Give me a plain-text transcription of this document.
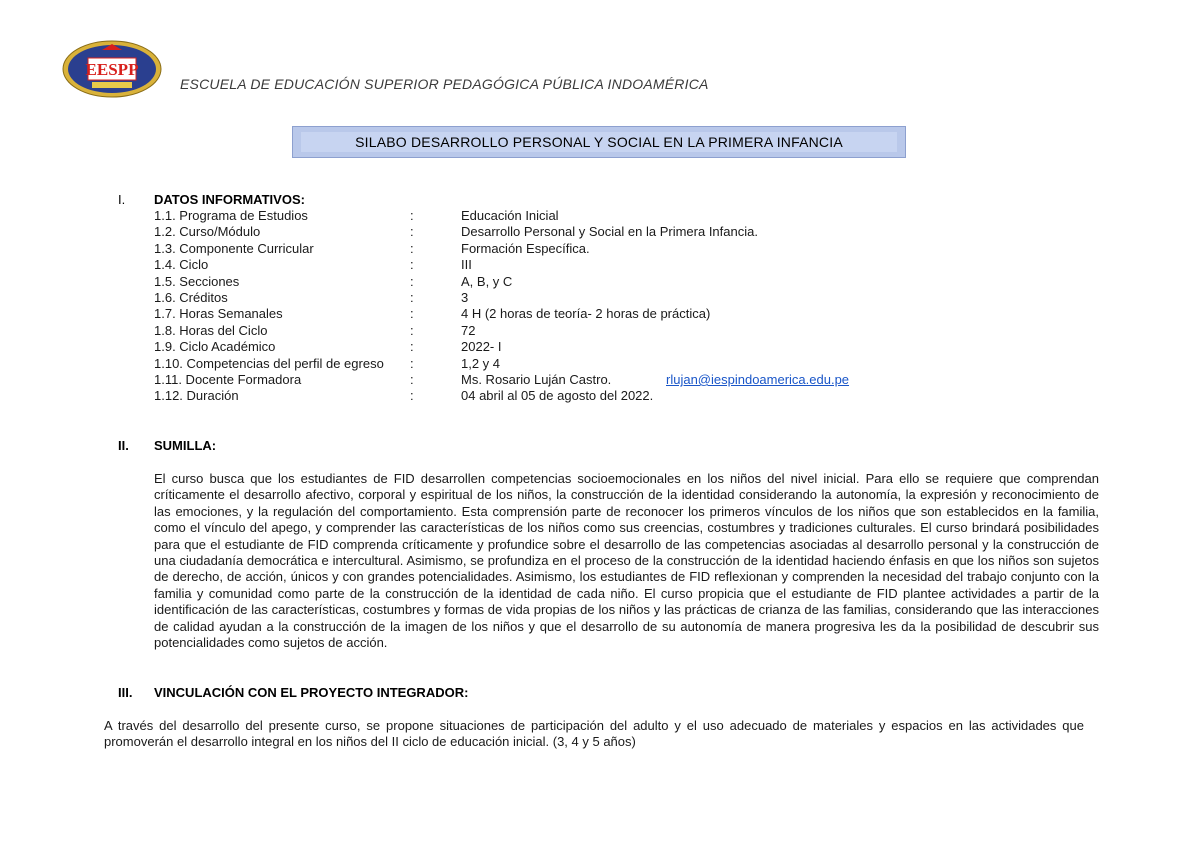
EESPP
ESCUELA DE EDUCACIÓN SUPERIOR PEDAGÓGICA PÚBLICA INDOAMÉRICA
SILABO DESARROLLO PERSONAL Y SOCIAL EN LA PRIMERA INFANCIA
I. DATOS INFORMATIVOS:
1.1. Programa de Estudios	:	Educación Inicial
1.2. Curso/Módulo	:	Desarrollo Personal y Social en la Primera Infancia.
1.3. Componente Curricular	:	Formación Específica.
1.4. Ciclo	:	III
1.5. Secciones	:	A, B, y C
1.6. Créditos	:	3
1.7. Horas Semanales	:	4 H (2 horas de teoría- 2 horas de práctica)
1.8. Horas del Ciclo	:	72
1.9. Ciclo Académico	:	2022- I
1.10. Competencias del perfil de egreso :	1,2 y 4
1.11. Docente Formadora	:	Ms. Rosario Luján Castro.	rlujan@iespindoamerica.edu.pe
1.12. Duración	:	04 abril al 05 de agosto del 2022.
II. SUMILLA:
El curso busca que los estudiantes de FID desarrollen competencias socioemocionales en los niños del nivel inicial. Para ello se requiere que comprendan críticamente el desarrollo afectivo, corporal y espiritual de los niños, la construcción de la identidad considerando la autonomía, la expresión y reconocimiento de las emociones, y la regulación del comportamiento. Esta comprensión parte de reconocer los primeros vínculos de los niños que son establecidos en la familia, como el vínculo del apego, y comprender las características de los niños como sus creencias, costumbres y tradiciones culturales. El curso brindará posibilidades para que el estudiante de FID comprenda críticamente y profundice sobre el desarrollo de las competencias asociadas al desarrollo personal y la construcción de una ciudadanía democrática e intercultural. Asimismo, se profundiza en el proceso de la construcción de la identidad haciendo énfasis en que los niños son sujetos de derecho, de acción, únicos y con grandes potencialidades. Asimismo, los estudiantes de FID reflexionan y comprenden la necesidad del trabajo conjunto con la familia y comunidad como parte de la construcción de la identidad de cada niño. El curso propicia que el estudiante de FID plantee actividades a partir de la identificación de las características, costumbres y formas de vida propias de los niños y las prácticas de crianza de las familias, considerando que las interacciones de calidad ayudan a la construcción de la imagen de los niños y que el desarrollo de su autonomía de manera progresiva les da la posibilidad de descubrir sus potencialidades como sujetos de acción.
III. VINCULACIÓN CON EL PROYECTO INTEGRADOR:
A través del desarrollo del presente curso, se propone situaciones de participación del adulto y el uso adecuado de materiales y espacios en las actividades que promoverán el desarrollo integral en los niños del II ciclo de educación inicial. (3, 4 y 5 años)
